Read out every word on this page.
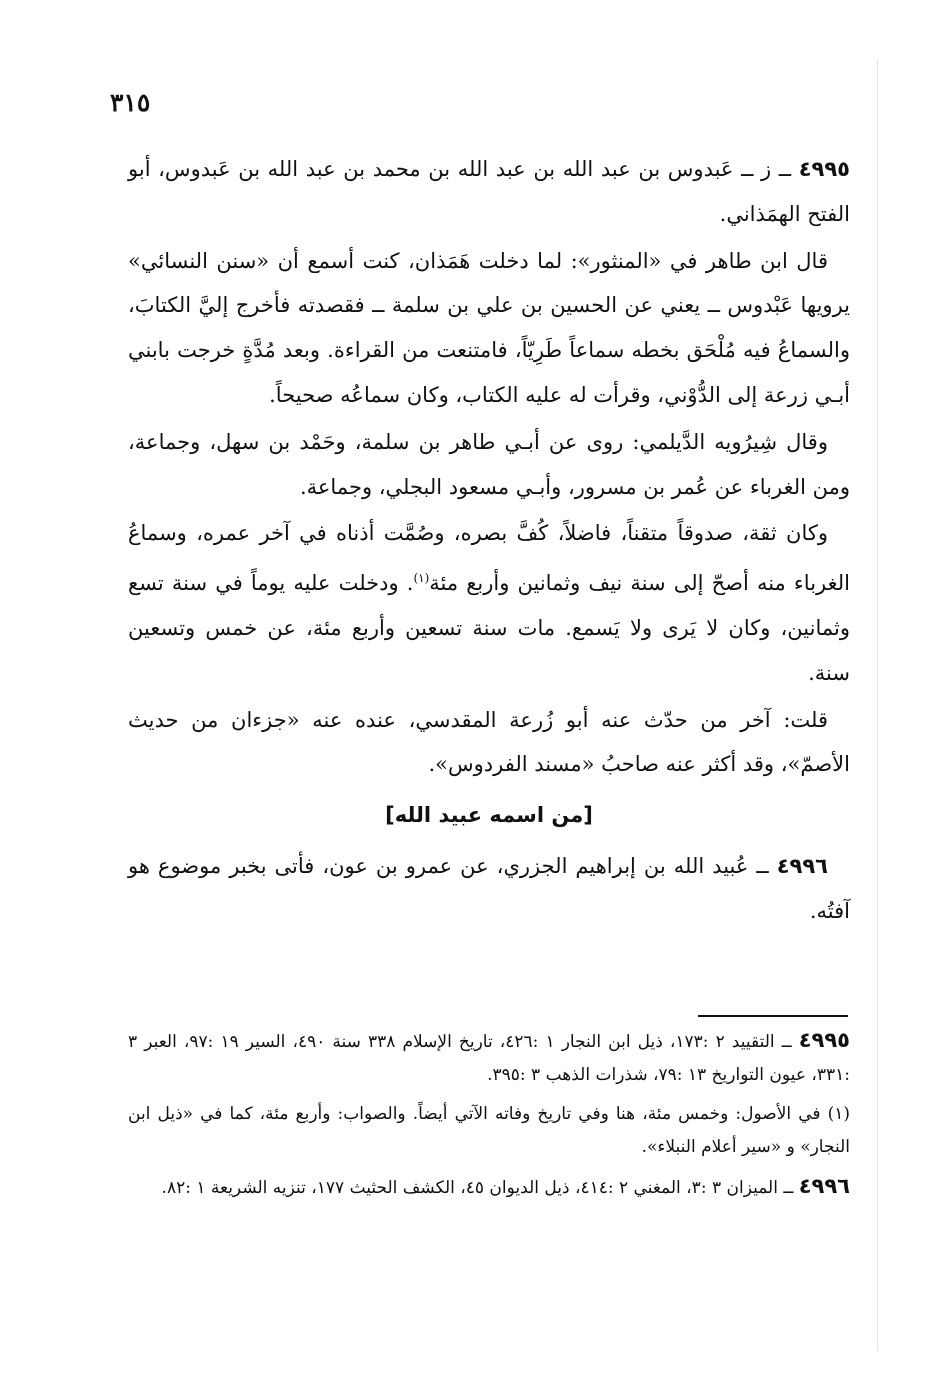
٣١٥

٤٩٩٥ ــ ز ــ عَبدوس بن عبد الله بن عبد الله بن محمد بن عبد الله بن عَبدوس، أبو الفتح الهمَذاني.

قال ابن طاهر في «المنثور»: لما دخلت هَمَذان، كنت أسمع أن «سنن النسائي» يرويها عَبْدوس ــ يعني عن الحسين بن علي بن سلمة ــ فقصدته فأخرج إليَّ الكتابَ، والسماعُ فيه مُلْحَق بخطه سماعاً طَرِيّاً، فامتنعت من القراءة. وبعد مُدَّةٍ خرجت بابني أبـي زرعة إلى الدُّوْني، وقرأت له عليه الكتاب، وكان سماعُه صحيحاً.

وقال شِيرُويه الدَّيلمي: روى عن أبـي طاهر بن سلمة، وحَمْد بن سهل، وجماعة، ومن الغرباء عن عُمر بن مسرور، وأبـي مسعود البجلي، وجماعة.

وكان ثقة، صدوقاً متقناً، فاضلاً، كُفَّ بصره، وصُمَّت أذناه في آخر عمره، وسماعُ الغرباء منه أصحّ إلى سنة نيف وثمانين وأربع مئة$^{(١)}$. ودخلت عليه يوماً في سنة تسع وثمانين، وكان لا يَرى ولا يَسمع. مات سنة تسعين وأربع مئة، عن خمس وتسعين سنة.

قلت: آخر من حدّث عنه أبو زُرعة المقدسي، عنده عنه «جزءان من حديث الأصمّ»، وقد أكثر عنه صاحبُ «مسند الفردوس».

[من اسمه عبيد الله]

٤٩٩٦ ــ عُبيد الله بن إبراهيم الجزري، عن عمرو بن عون، فأتى بخبر موضوع هو آفتُه.

٤٩٩٥ ــ التقييد ٢ :١٧٣، ذيل ابن النجار ١ :٤٢٦، تاريخ الإسلام ٣٣٨ سنة ٤٩٠، السير ١٩ :٩٧، العبر ٣ :٣٣١، عيون التواريخ ١٣ :٧٩، شذرات الذهب ٣ :٣٩٥.

(١) في الأصول: وخمس مئة، هنا وفي تاريخ وفاته الآتي أيضاً. والصواب: وأربع مئة، كما في «ذيل ابن النجار» و «سير أعلام النبلاء».

٤٩٩٦ ــ الميزان ٣ :٣، المغني ٢ :٤١٤، ذيل الديوان ٤٥، الكشف الحثيث ١٧٧، تنزيه الشريعة ١ :٨٢.
